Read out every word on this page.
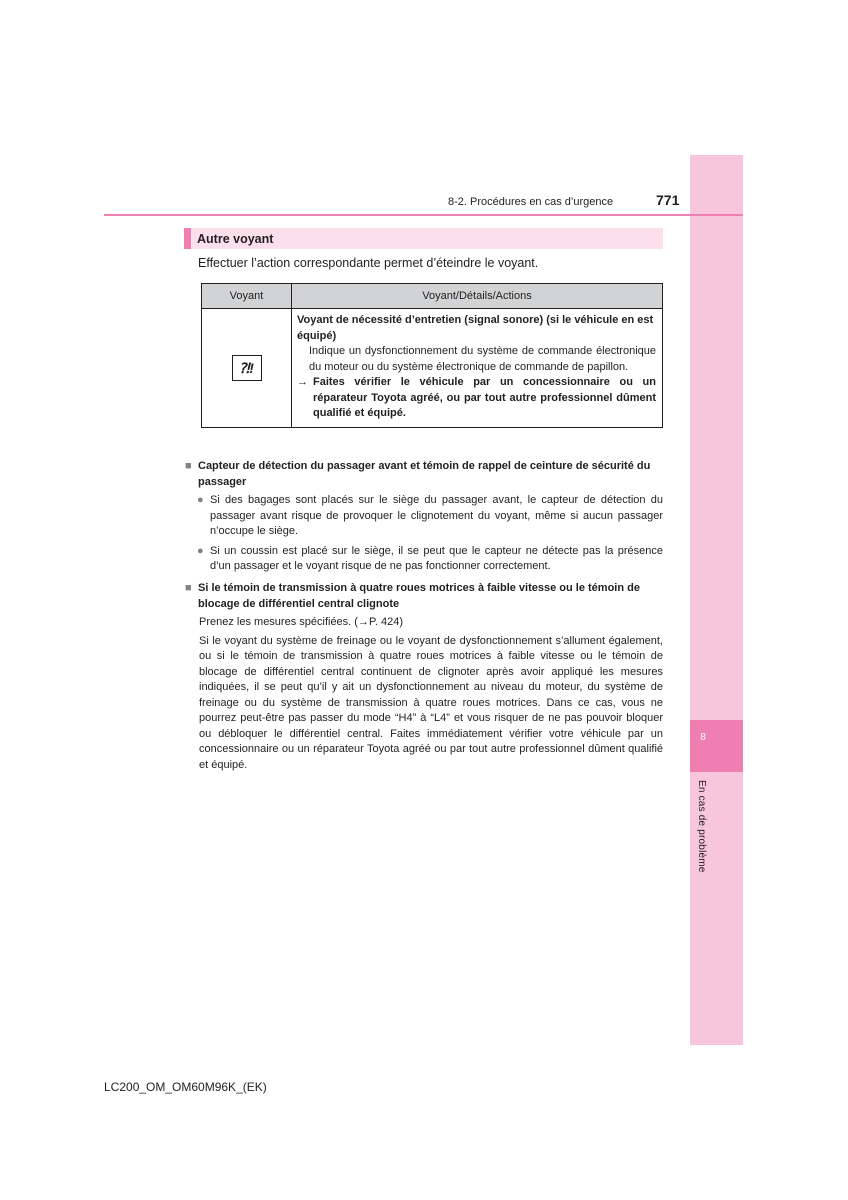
8
En cas de problème
8-2. Procédures en cas d’urgence	771
Autre voyant
Effectuer l’action correspondante permet d’éteindre le voyant.
Voyant	Voyant/Détails/Actions
⁈!	Voyant de nécessité d’entretien (signal sonore) (si le véhicule en est équipé)
Indique un dysfonctionnement du système de commande électronique du moteur ou du système électronique de commande de papillon.
→ Faites vérifier le véhicule par un concessionnaire ou un réparateur Toyota agréé, ou par tout autre professionnel dûment qualifié et équipé.
■ Capteur de détection du passager avant et témoin de rappel de ceinture de sécurité du passager
● Si des bagages sont placés sur le siège du passager avant, le capteur de détection du passager avant risque de provoquer le clignotement du voyant, même si aucun passager n’occupe le siège.
● Si un coussin est placé sur le siège, il se peut que le capteur ne détecte pas la présence d’un passager et le voyant risque de ne pas fonctionner correctement.
■ Si le témoin de transmission à quatre roues motrices à faible vitesse ou le témoin de blocage de différentiel central clignote
Prenez les mesures spécifiées. (→P. 424)
Si le voyant du système de freinage ou le voyant de dysfonctionnement s’allument également, ou si le témoin de transmission à quatre roues motrices à faible vitesse ou le témoin de blocage de différentiel central continuent de clignoter après avoir appliqué les mesures indiquées, il se peut qu’il y ait un dysfonctionnement au niveau du moteur, du système de freinage ou du système de transmission à quatre roues motrices. Dans ce cas, vous ne pourrez peut-être pas passer du mode “H4” à “L4” et vous risquer de ne pas pouvoir bloquer ou débloquer le différentiel central. Faites immédiatement vérifier votre véhicule par un concessionnaire ou un réparateur Toyota agréé ou par tout autre professionnel dûment qualifié et équipé.
LC200_OM_OM60M96K_(EK)
